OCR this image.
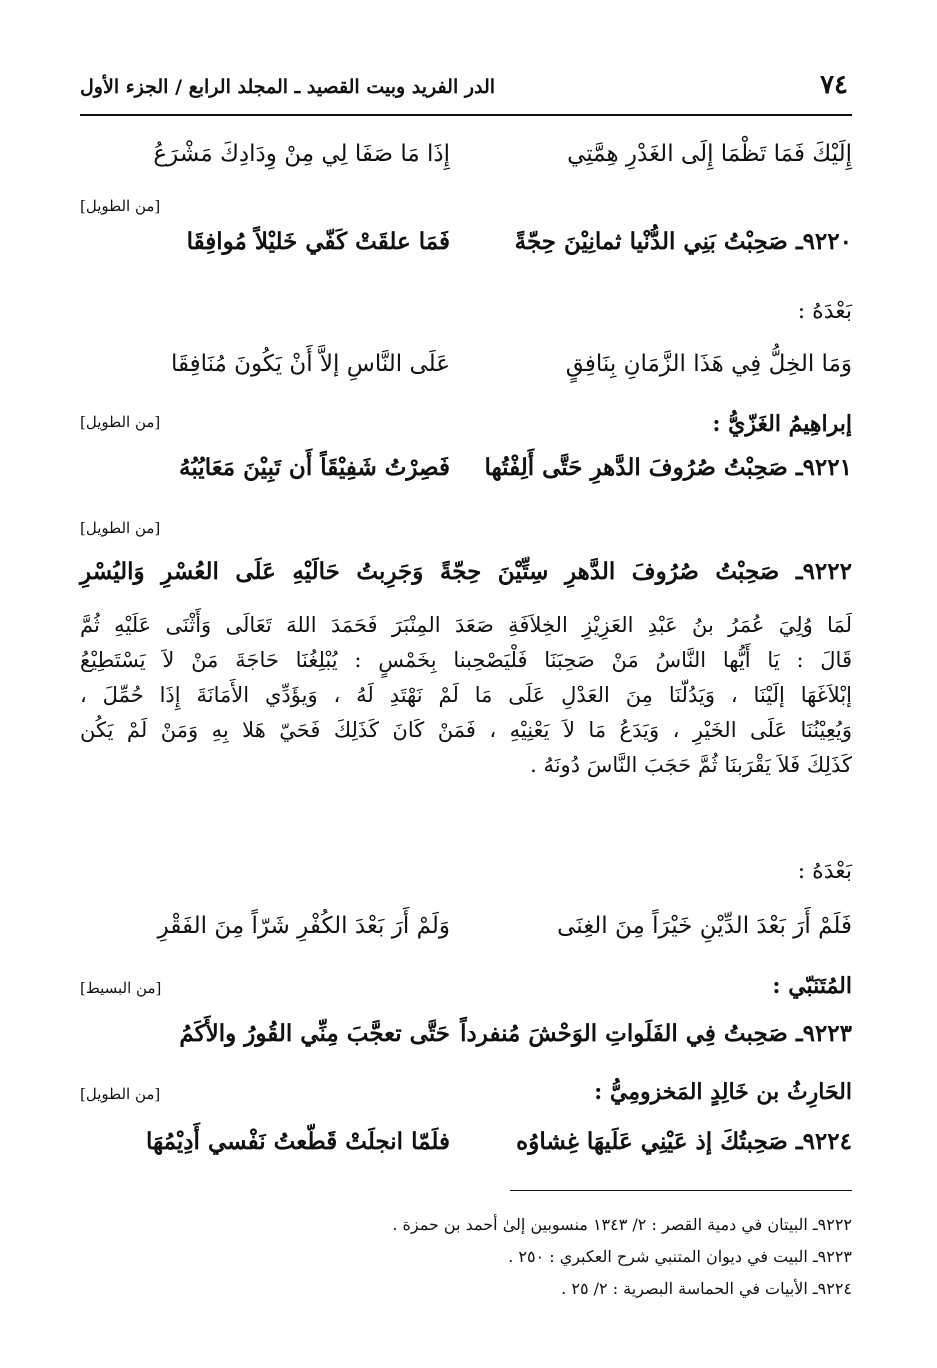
٧٤
الدر الفريد وبيت القصيد ـ المجلد الرابع / الجزء الأول
إِلَيْكَ فَمَا تَظْمَا إِلَى الغَدْرِ هِمَّتِي
إِذَا مَا صَفَا لِي مِنْ وِدَادِكَ مَشْرَعُ
[من الطويل]
٩٢٢٠ـ صَحِبْتُ بَنِي الدُّنْيا ثمانِيْنَ حِجّةً
فَمَا علقَتْ كَفّي خَليْلاً مُوافِقَا
بَعْدَهُ :
وَمَا الخِلُّ فِي هَذَا الزَّمَانِ بِنَافِقٍ
عَلَى النَّاسِ إلاَّ أَنْ يَكُونَ مُنَافِقَا
[من الطويل]	إبراهِيمُ الغَزّيُّ :
٩٢٢١ـ صَحِبْتُ صُرُوفَ الدَّهرِ حَتَّى أَلِفْتُها
فَصِرْتُ شَفِيْقَاً أَن تَبِيْنَ مَعَايُبُهُ
[من الطويل]
٩٢٢٢ـ صَحِبْتُ صُرُوفَ الدَّهرِ سِتِّيْنَ حِجّةً وَجَرِبتُ حَالَيْهِ عَلَى العُسْرِ وَاليُسْرِ
لَمَا وُلِيَ عُمَرُ بنُ عَبْدِ العَزِيْزِ الخِلاَفَةِ صَعَدَ المِنْبَرَ فَحَمَدَ اللهَ تَعَالَى وَأَثْنَى عَلَيْهِ ثُمَّ
قَالَ : يَا أَيُّها النَّاسُ مَنْ صَحِبَنَا فَلْيَصْحِبنا بِخَمْسٍ : يُبْلِغُنَا حَاجَةَ مَنْ لاَ يَسْتَطِيْعُ
إبْلاَغَهَا إلَيْنَا ، وَيَدُلّنَا مِنَ العَدْلِ عَلَى مَا لَمْ نَهْتَدِ لَهُ ، وَيؤَدِّي الأَمَانَةَ إِذَا حُمِّلَ ،
وَيُعِيْنُنَا عَلَى الخَيْرِ ، وَيَدَعُ مَا لاَ يَعْنِيْهِ ، فَمَنْ كَانَ كَذَلِكَ فَحَيّ هَلا بِهِ وَمَنْ لَمْ يَكُن
كَذَلِكَ فَلاَ يَقْرَبنَا ثُمَّ حَجَبَ النَّاسَ دُونَهُ .
بَعْدَهُ :
فَلَمْ أَرَ بَعْدَ الدِّيْنِ خَيْرَاً مِنَ الغِنَى
وَلَمْ أَرَ بَعْدَ الكُفْرِ شَرّاً مِنَ الفَقْرِ
[من البسيط]	المُتَنَبّي :
٩٢٢٣ـ صَحِبتُ فِي الفَلَواتِ الوَحْشَ مُنفرداً
حَتَّى تعجَّبَ مِنِّي القُورُ والأَكَمُ
[من الطويل]	الحَارِثُ بن خَالِدٍ المَخزومِيُّ :
٩٢٢٤ـ صَحِبتُكَ إذ عَيْنِي عَلَيهَا غِشاوُه
فلَمّا انجلَتْ قَطّعتُ نَفْسي أَدِيْمُهَا
٩٢٢٢ـ البيتان في دمية القصر : ٢/ ١٣٤٣ منسوبين إلىٰ أحمد بن حمزة .
٩٢٢٣ـ البيت في ديوان المتنبي شرح العكبري : ٢٥٠ .
٩٢٢٤ـ الأبيات في الحماسة البصرية : ٢/ ٢٥ .
